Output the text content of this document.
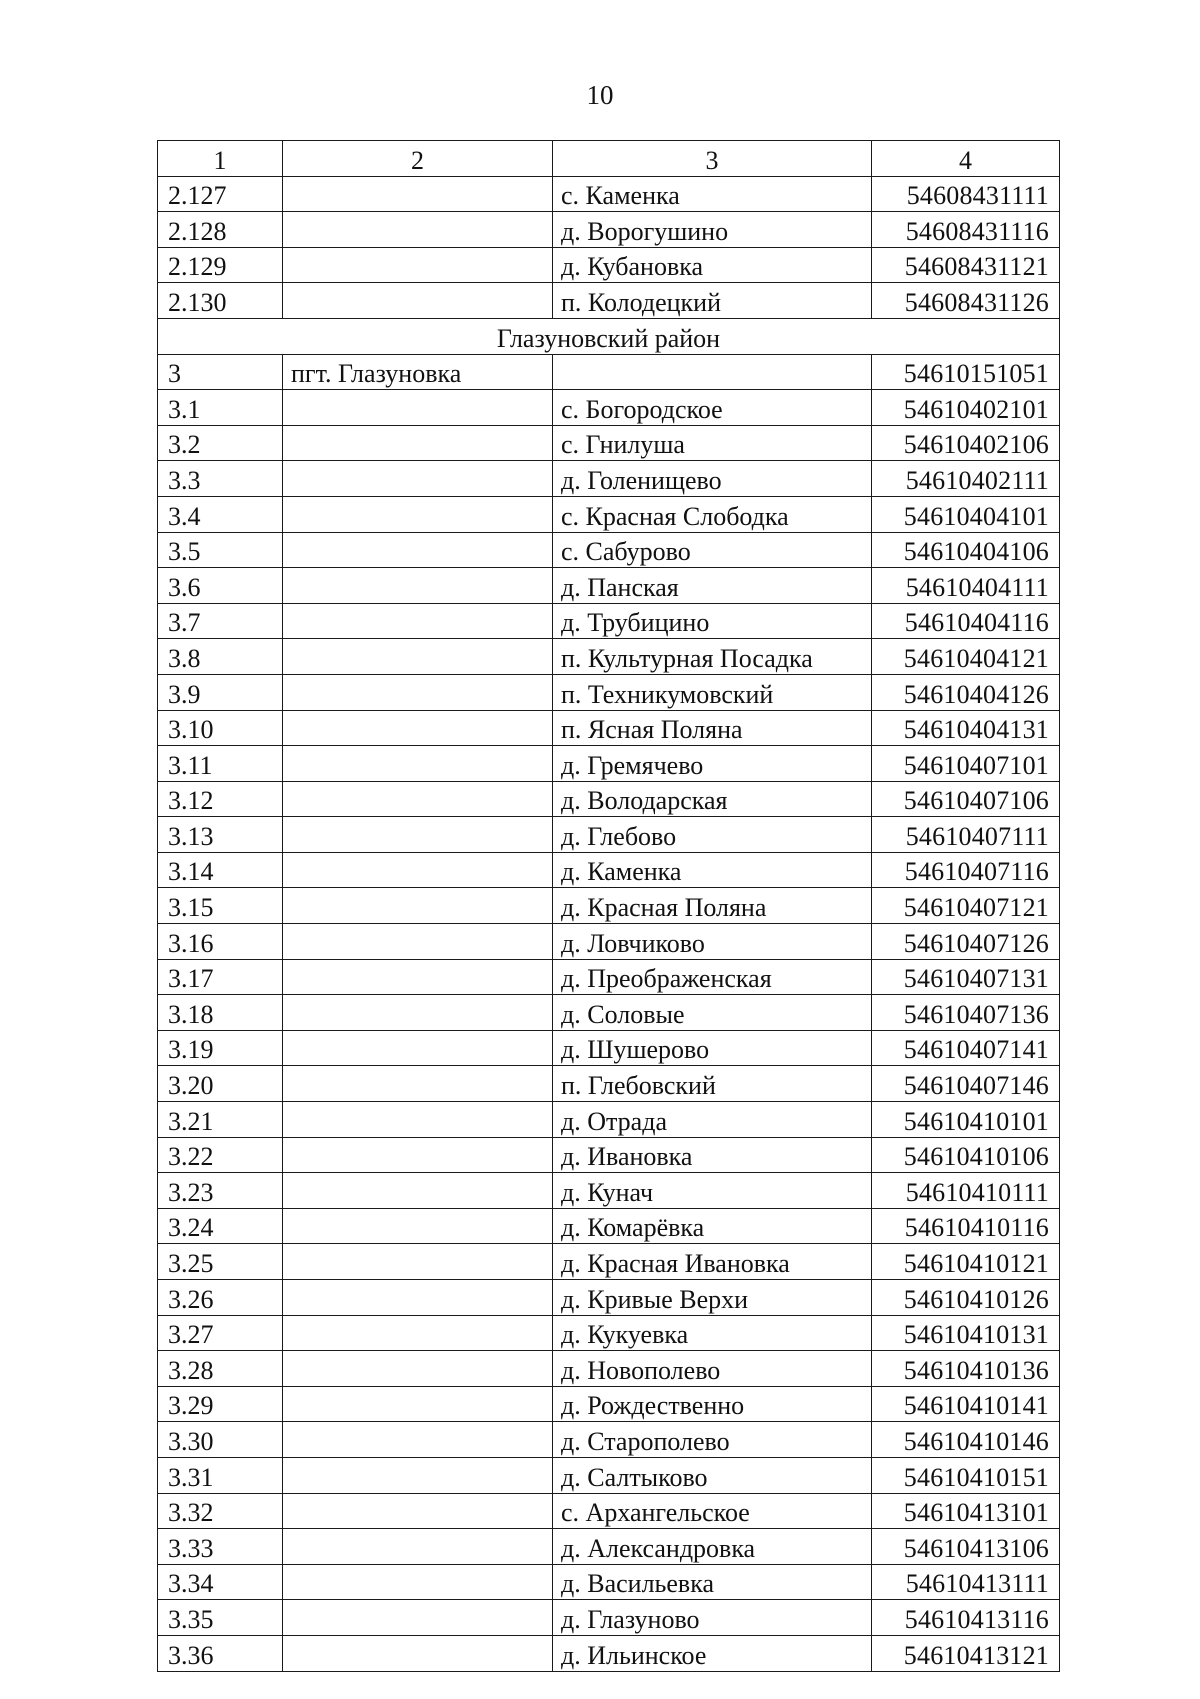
10
1	2	3	4
2.127		с. Каменка	54608431111
2.128		д. Ворогушино	54608431116
2.129		д. Кубановка	54608431121
2.130		п. Колодецкий	54608431126
Глазуновский район			
3	пгт. Глазуновка		54610151051
3.1		с. Богородское	54610402101
3.2		с. Гнилуша	54610402106
3.3		д. Голенищево	54610402111
3.4		с. Красная Слободка	54610404101
3.5		с. Сабурово	54610404106
3.6		д. Панская	54610404111
3.7		д. Трубицино	54610404116
3.8		п. Культурная Посадка	54610404121
3.9		п. Техникумовский	54610404126
3.10		п. Ясная Поляна	54610404131
3.11		д. Гремячево	54610407101
3.12		д. Володарская	54610407106
3.13		д. Глебово	54610407111
3.14		д. Каменка	54610407116
3.15		д. Красная Поляна	54610407121
3.16		д. Ловчиково	54610407126
3.17		д. Преображенская	54610407131
3.18		д. Соловые	54610407136
3.19		д. Шушерово	54610407141
3.20		п. Глебовский	54610407146
3.21		д. Отрада	54610410101
3.22		д. Ивановка	54610410106
3.23		д. Кунач	54610410111
3.24		д. Комарёвка	54610410116
3.25		д. Красная Ивановка	54610410121
3.26		д. Кривые Верхи	54610410126
3.27		д. Кукуевка	54610410131
3.28		д. Новополево	54610410136
3.29		д. Рождественно	54610410141
3.30		д. Старополево	54610410146
3.31		д. Салтыково	54610410151
3.32		с. Архангельское	54610413101
3.33		д. Александровка	54610413106
3.34		д. Васильевка	54610413111
3.35		д. Глазуново	54610413116
3.36		д. Ильинское	54610413121
